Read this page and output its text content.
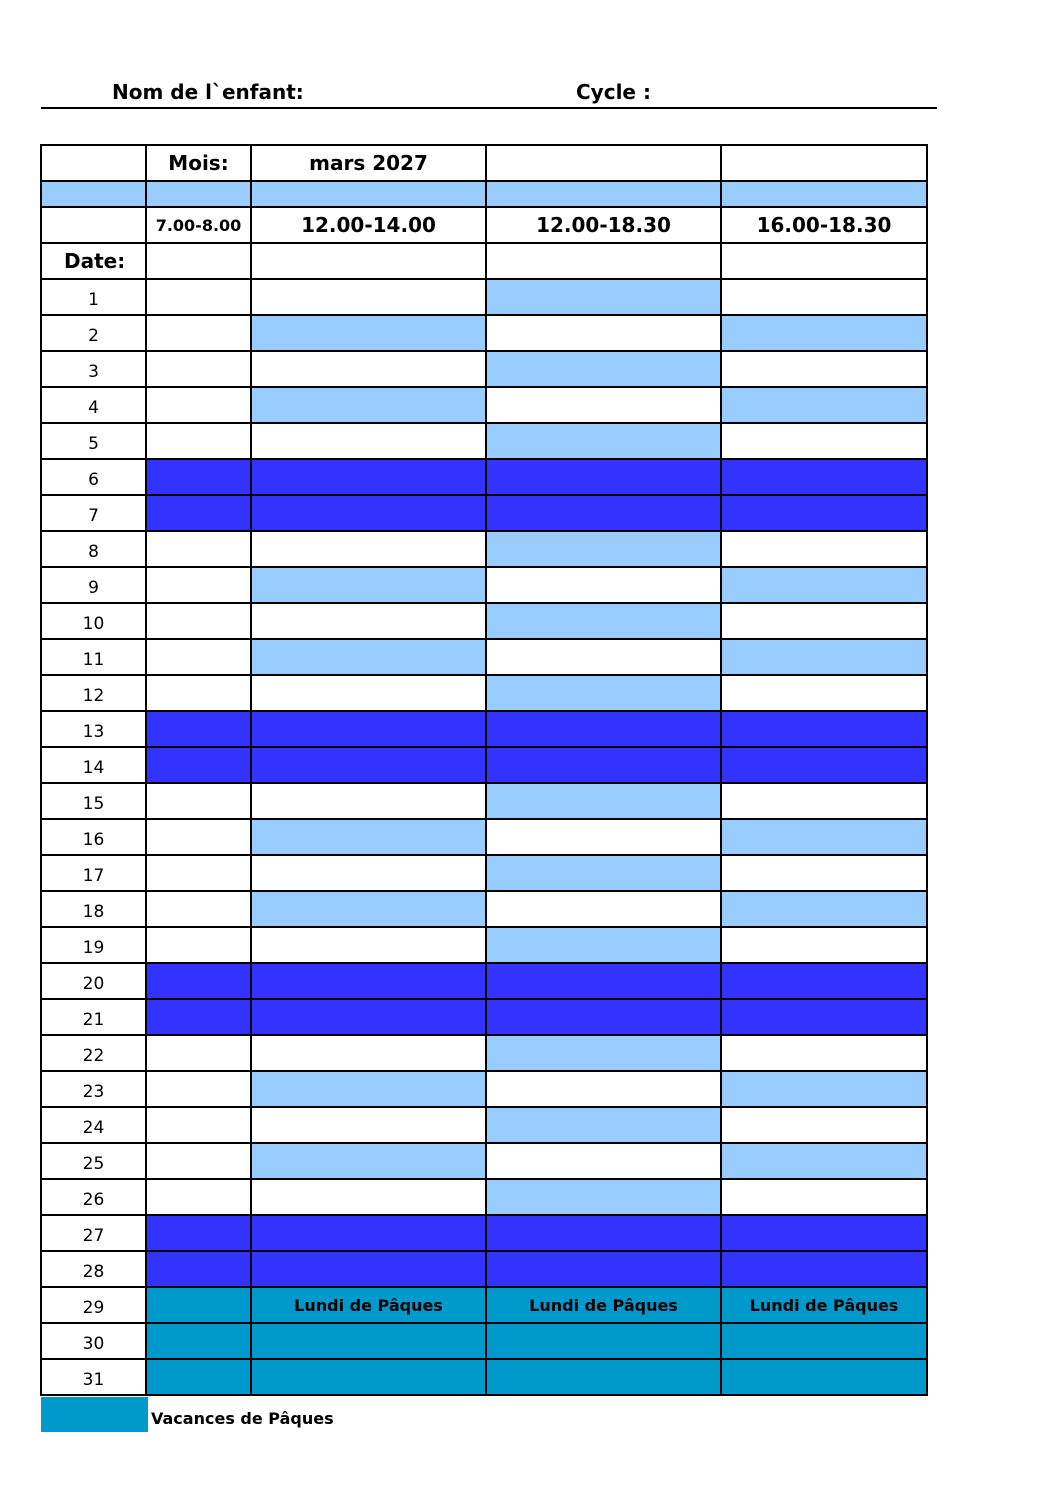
Nom de l`enfant:	Cycle :
	Mois:	mars 2027		

	7.00-8.00	12.00-14.00	12.00-18.30	16.00-18.30
Date:				
1				
2				
3				
4				
5				
6				
7				
8				
9				
10				
11				
12				
13				
14				
15				
16				
17				
18				
19				
20				
21				
22				
23				
24				
25				
26				
27				
28				
29		Lundi de Pâques	Lundi de Pâques	Lundi de Pâques
30				
31				
Vacances de Pâques
